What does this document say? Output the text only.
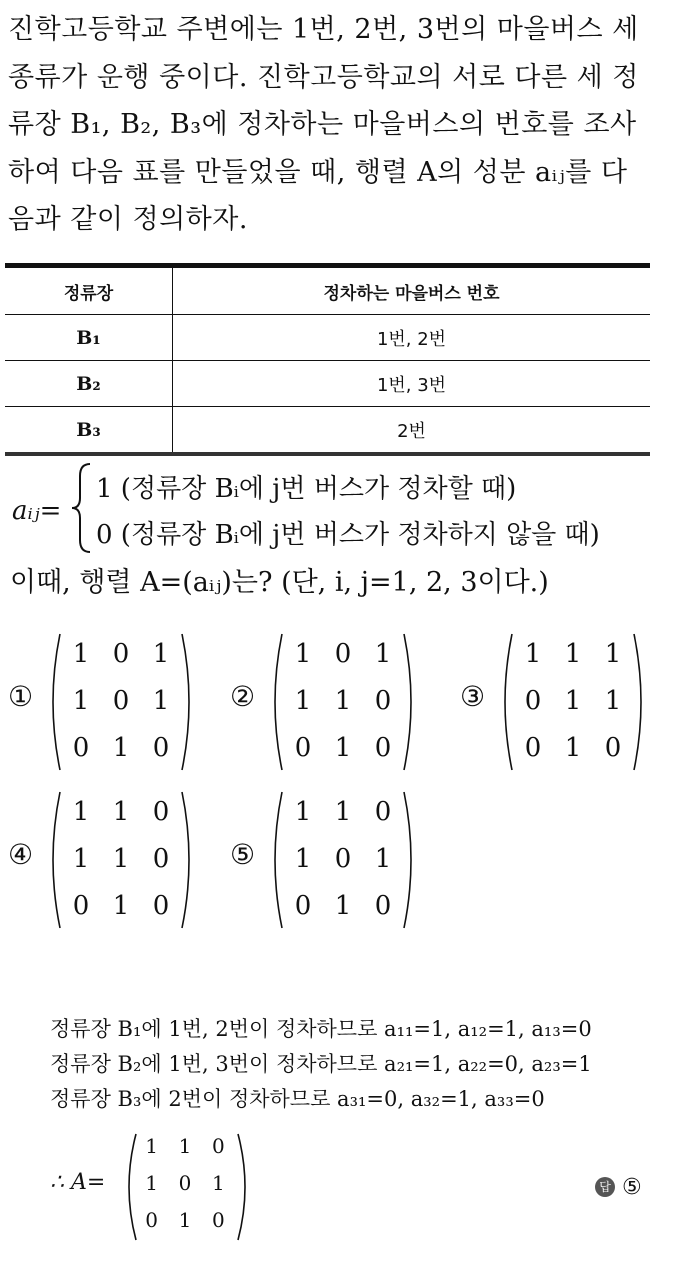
진학고등학교 주변에는 1번, 2번, 3번의 마을버스 세
종류가 운행 중이다. 진학고등학교의 서로 다른 세 정
류장 B₁, B₂, B₃에 정차하는 마을버스의 번호를 조사
하여 다음 표를 만들었을 때, 행렬 A의 성분 aᵢⱼ를 다
음과 같이 정의하자.
정류장	정차하는 마을버스 번호
B₁	1번, 2번
B₂	1번, 3번
B₃	2번
aᵢⱼ=
1 (정류장 Bᵢ에 j번 버스가 정차할 때)
0 (정류장 Bᵢ에 j번 버스가 정차하지 않을 때)
이때, 행렬 A=(aᵢⱼ)는? (단, i, j=1, 2, 3이다.)
①
1 0 1
1 0 1
0 1 0
②
1 0 1
1 1 0
0 1 0
③
1 1 1
0 1 1
0 1 0
④
1 1 0
1 1 0
0 1 0
⑤
1 1 0
1 0 1
0 1 0
정류장 B₁에 1번, 2번이 정차하므로 a₁₁=1, a₁₂=1, a₁₃=0
정류장 B₂에 1번, 3번이 정차하므로 a₂₁=1, a₂₂=0, a₂₃=1
정류장 B₃에 2번이 정차하므로 a₃₁=0, a₃₂=1, a₃₃=0
∴ A=
1	1	0
1	0	1
0	1	0
답 ⑤
